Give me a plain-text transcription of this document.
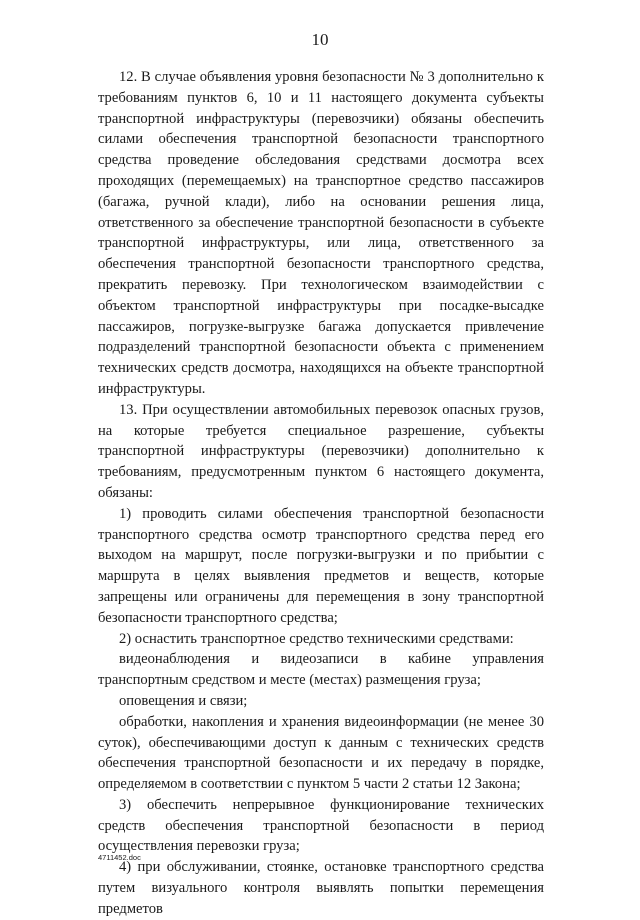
10

12. В случае объявления уровня безопасности № 3 дополнительно к требованиям пунктов 6, 10 и 11 настоящего документа субъекты транспортной инфраструктуры (перевозчики) обязаны обеспечить силами обеспечения транспортной безопасности транспортного средства проведение обследования средствами досмотра всех проходящих (перемещаемых) на транспортное средство пассажиров (багажа, ручной клади), либо на основании решения лица, ответственного за обеспечение транспортной безопасности в субъекте транспортной инфраструктуры, или лица, ответственного за обеспечения транспортной безопасности транспортного средства, прекратить перевозку. При технологическом взаимодействии с объектом транспортной инфраструктуры при посадке-высадке пассажиров, погрузке-выгрузке багажа допускается привлечение подразделений транспортной безопасности объекта с применением технических средств досмотра, находящихся на объекте транспортной инфраструктуры.

13. При осуществлении автомобильных перевозок опасных грузов, на которые требуется специальное разрешение, субъекты транспортной инфраструктуры (перевозчики) дополнительно к требованиям, предусмотренным пунктом 6 настоящего документа, обязаны:

1) проводить силами обеспечения транспортной безопасности транспортного средства осмотр транспортного средства перед его выходом на маршрут, после погрузки-выгрузки и по прибытии с маршрута в целях выявления предметов и веществ, которые запрещены или ограничены для перемещения в зону транспортной безопасности транспортного средства;

2) оснастить транспортное средство техническими средствами:

видеонаблюдения и видеозаписи в кабине управления транспортным средством и месте (местах) размещения груза;

оповещения и связи;

обработки, накопления и хранения видеоинформации (не менее 30 суток), обеспечивающими доступ к данным с технических средств обеспечения транспортной безопасности и их передачу в порядке, определяемом в соответствии с пунктом 5 части 2 статьи 12 Закона;

3) обеспечить непрерывное функционирование технических средств обеспечения транспортной безопасности в период осуществления перевозки груза;

4) при обслуживании, стоянке, остановке транспортного средства путем визуального контроля выявлять попытки перемещения предметов

4711452.doc
